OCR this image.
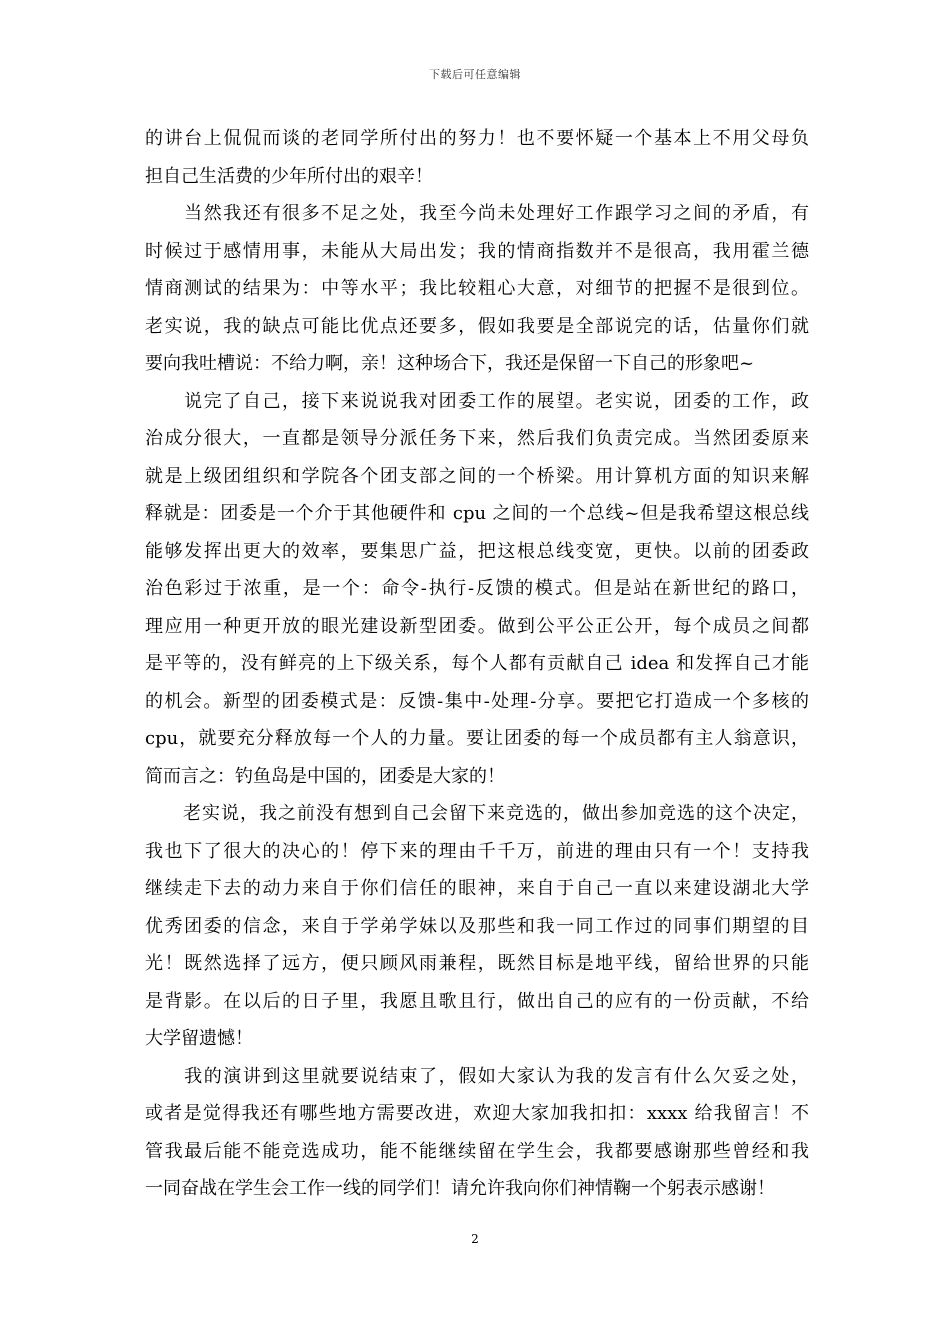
下载后可任意编辑
的讲台上侃侃而谈的老同学所付出的努力！也不要怀疑一个基本上不用父母负
担自己生活费的少年所付出的艰辛！
　　当然我还有很多不足之处，我至今尚未处理好工作跟学习之间的矛盾，有
时候过于感情用事，未能从大局出发；我的情商指数并不是很高，我用霍兰德
情商测试的结果为：中等水平；我比较粗心大意，对细节的把握不是很到位。
老实说，我的缺点可能比优点还要多，假如我要是全部说完的话，估量你们就
要向我吐槽说：不给力啊，亲！这种场合下，我还是保留一下自己的形象吧~
　　说完了自己，接下来说说我对团委工作的展望。老实说，团委的工作，政
治成分很大，一直都是领导分派任务下来，然后我们负责完成。当然团委原来
就是上级团组织和学院各个团支部之间的一个桥梁。用计算机方面的知识来解
释就是：团委是一个介于其他硬件和 cpu 之间的一个总线~但是我希望这根总线
能够发挥出更大的效率，要集思广益，把这根总线变宽，更快。以前的团委政
治色彩过于浓重，是一个：命令-执行-反馈的模式。但是站在新世纪的路口，
理应用一种更开放的眼光建设新型团委。做到公平公正公开，每个成员之间都
是平等的，没有鲜亮的上下级关系，每个人都有贡献自己 idea 和发挥自己才能
的机会。新型的团委模式是：反馈-集中-处理-分享。要把它打造成一个多核的
cpu，就要充分释放每一个人的力量。要让团委的每一个成员都有主人翁意识，
简而言之：钓鱼岛是中国的，团委是大家的！
　　老实说，我之前没有想到自己会留下来竞选的，做出参加竞选的这个决定，
我也下了很大的决心的！停下来的理由千千万，前进的理由只有一个！支持我
继续走下去的动力来自于你们信任的眼神，来自于自己一直以来建设湖北大学
优秀团委的信念，来自于学弟学妹以及那些和我一同工作过的同事们期望的目
光！既然选择了远方，便只顾风雨兼程，既然目标是地平线，留给世界的只能
是背影。在以后的日子里，我愿且歌且行，做出自己的应有的一份贡献，不给
大学留遗憾！
　　我的演讲到这里就要说结束了，假如大家认为我的发言有什么欠妥之处，
或者是觉得我还有哪些地方需要改进，欢迎大家加我扣扣：xxxx 给我留言！不
管我最后能不能竞选成功，能不能继续留在学生会，我都要感谢那些曾经和我
一同奋战在学生会工作一线的同学们！请允许我向你们神情鞠一个躬表示感谢！
2
